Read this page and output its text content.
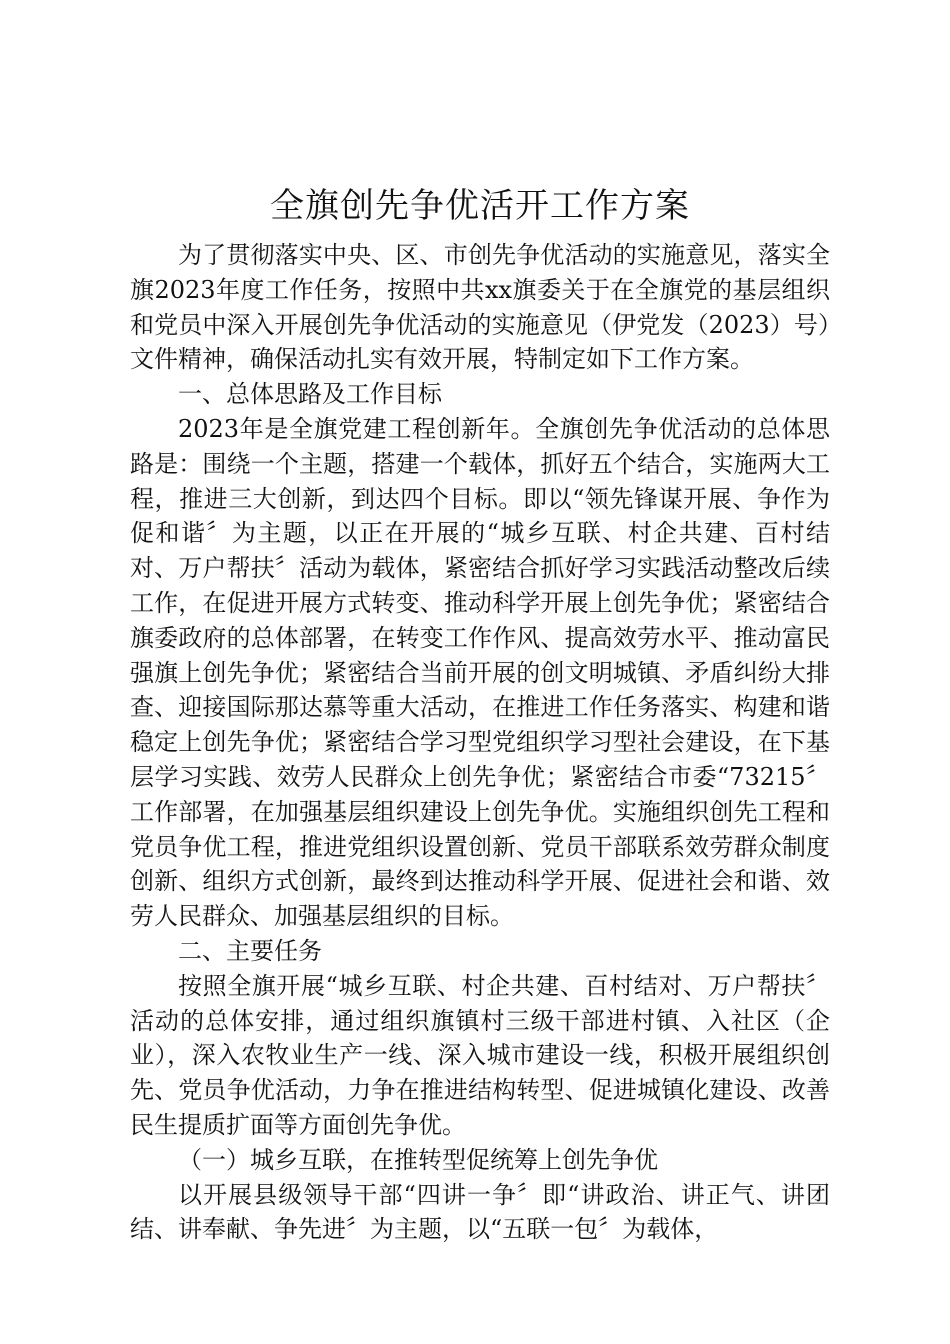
全旗创先争优活开工作方案

为了贯彻落实中央、区、市创先争优活动的实施意见，落实全旗2023年度工作任务，按照中共xx旗委关于在全旗党的基层组织和党员中深入开展创先争优活动的实施意见（伊党发（2023）号）文件精神，确保活动扎实有效开展，特制定如下工作方案。

一、总体思路及工作目标

2023年是全旗党建工程创新年。全旗创先争优活动的总体思路是：围绕一个主题，搭建一个载体，抓好五个结合，实施两大工程，推进三大创新，到达四个目标。即以“领先锋谋开展、争作为促和谐〞为主题，以正在开展的“城乡互联、村企共建、百村结对、万户帮扶〞活动为载体，紧密结合抓好学习实践活动整改后续工作，在促进开展方式转变、推动科学开展上创先争优；紧密结合旗委政府的总体部署，在转变工作作风、提高效劳水平、推动富民强旗上创先争优；紧密结合当前开展的创文明城镇、矛盾纠纷大排查、迎接国际那达慕等重大活动，在推进工作任务落实、构建和谐稳定上创先争优；紧密结合学习型党组织学习型社会建设，在下基层学习实践、效劳人民群众上创先争优；紧密结合市委“73215〞工作部署，在加强基层组织建设上创先争优。实施组织创先工程和党员争优工程，推进党组织设置创新、党员干部联系效劳群众制度创新、组织方式创新，最终到达推动科学开展、促进社会和谐、效劳人民群众、加强基层组织的目标。

二、主要任务

按照全旗开展“城乡互联、村企共建、百村结对、万户帮扶〞活动的总体安排，通过组织旗镇村三级干部进村镇、入社区（企业），深入农牧业生产一线、深入城市建设一线，积极开展组织创先、党员争优活动，力争在推进结构转型、促进城镇化建设、改善民生提质扩面等方面创先争优。

（一）城乡互联，在推转型促统筹上创先争优

以开展县级领导干部“四讲一争〞即“讲政治、讲正气、讲团结、讲奉献、争先进〞为主题，以“五联一包〞为载体，
